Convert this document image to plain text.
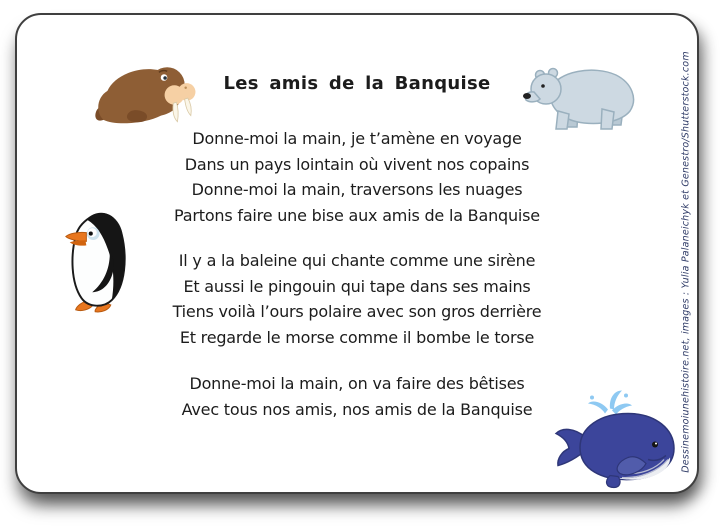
Les amis de la Banquise

Donne-moi la main, je t’amène en voyage

Dans un pays lointain où vivent nos copains

Donne-moi la main, traversons les nuages

Partons faire une bise aux amis de la Banquise

Il y a la baleine qui chante comme une sirène

Et aussi le pingouin qui tape dans ses mains

Tiens voilà l’ours polaire avec son gros derrière

Et regarde le morse comme il bombe le torse

Donne-moi la main, on va faire des bêtises

Avec tous nos amis, nos amis de la Banquise	Dessinemoiunehistoire.net, images : Yulia Palaneichyk et Genestro/Shutterstock.com
